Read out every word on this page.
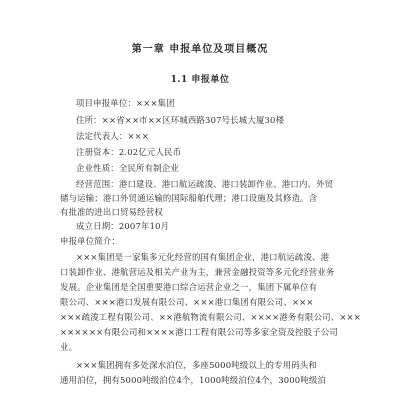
第一章 申报单位及项目概况
1.1 申报单位
项目申报单位：×××集团
住所：××省××市××区环城西路307号长城大厦30楼
法定代表人：×××
注册资本：2.02亿元人民币
企业性质：全民所有制企业
经营范围：港口建设、港口航运疏浚、港口装卸作业、港口内、外贸
储与运输；港口外贸通运输的国际船舶代理；港口设施及其修造。含
有批准的进出口贸易经营权
成立日期：2007年10月
申报单位简介：
×××集团是一家集多元化经营的国有集团企业，港口航运疏浚、港
口装卸作业、港航营运及相关产业为主，兼营金融投资等多元化经营业务
发展。企业集团是全国重要港口综合运营企业之一，集团下属单位有
限公司、×××港口发展有限公司、×××港口集团有限公司、×××
×××疏浚工程有限公司、××港航物流有限公司、××××港务有限公司、×××
××××××有限公司和××××港口工程有限公司等多家全资及控股子公司
业。
×××集团拥有多处深水泊位，多座5000吨级以上的专用码头和
通用泊位，拥有5000吨级泊位4个，1000吨级泊位4个，3000吨级泊
